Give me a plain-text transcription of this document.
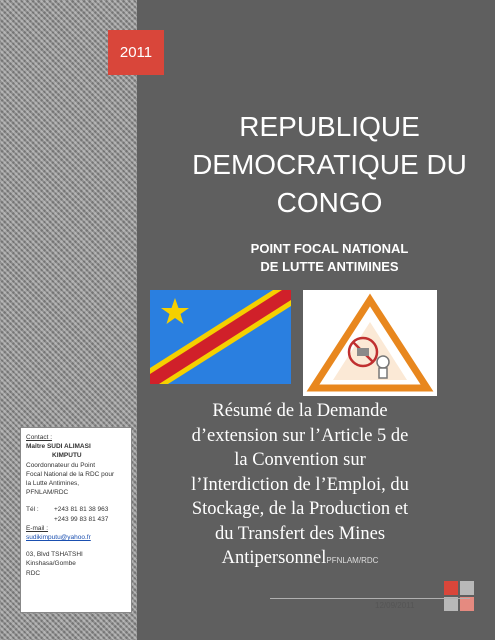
2011
REPUBLIQUE
DEMOCRATIQUE DU
CONGO
POINT FOCAL NATIONAL
DE LUTTE ANTIMINES
Résumé de la Demande
d’extension sur l’Article 5 de
la Convention sur
l’Interdiction de l’Emploi, du
Stockage, de la Production et
du Transfert des Mines
AntipersonnelPFNLAM/RDC
Contact :
Maître SUDI ALIMASI
KIMPUTU
Coordonnateur du Point
Focal National de la RDC pour
la Lutte Antimines,
PFNLAM/RDC
Tél :	+243 81 81 38 963
+243 99 83 81 437
E-mail :
sudikimputu@yahoo.fr
03, Blvd TSHATSHI
Kinshasa/Gombe
RDC
12/09/2011
